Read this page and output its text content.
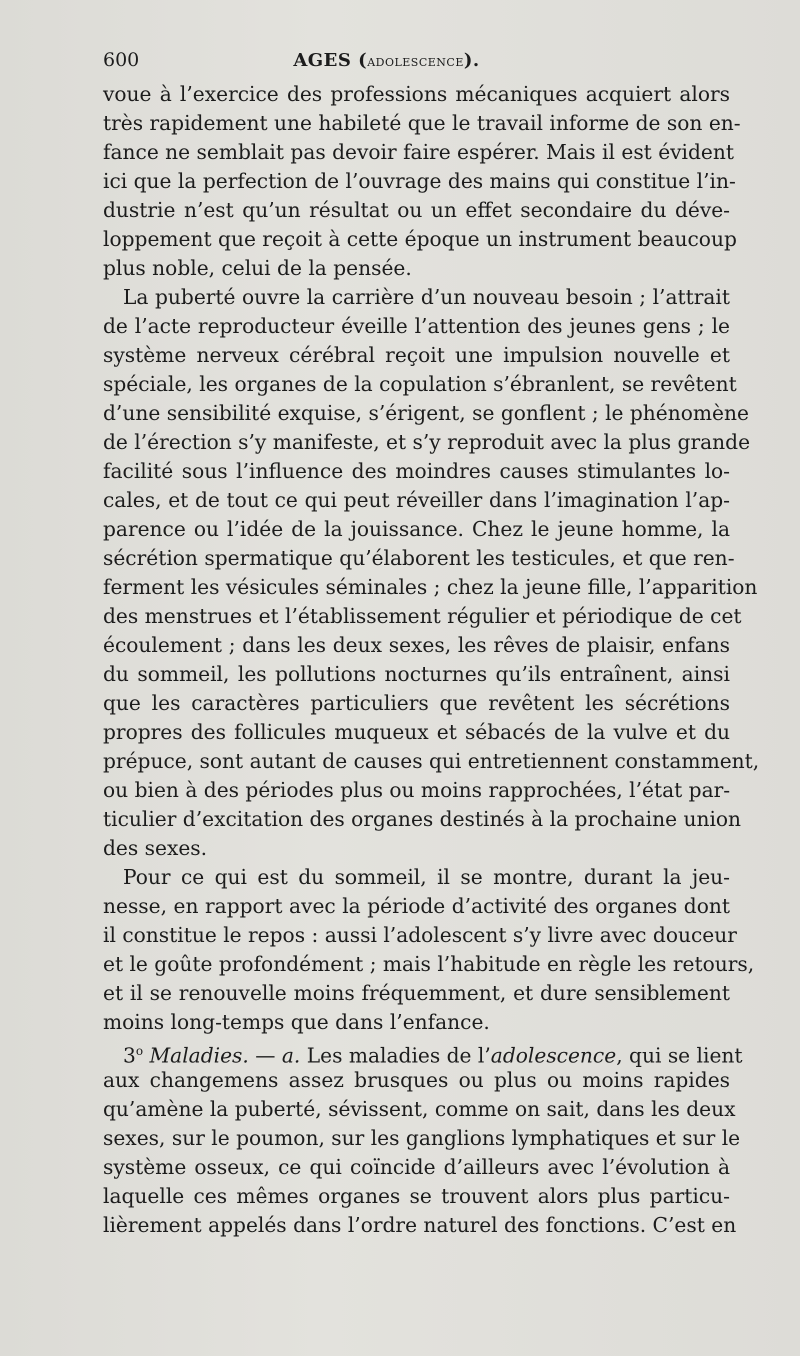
600	AGES (adolescence).
voue à l’exercice des professions mécaniques acquiert alors
très rapidement une habileté que le travail informe de son en-
fance ne semblait pas devoir faire espérer. Mais il est évident
ici que la perfection de l’ouvrage des mains qui constitue l’in-
dustrie n’est qu’un résultat ou un effet secondaire du déve-
loppement que reçoit à cette époque un instrument beaucoup
plus noble, celui de la pensée.
La puberté ouvre la carrière d’un nouveau besoin ; l’attrait
de l’acte reproducteur éveille l’attention des jeunes gens ; le
système nerveux cérébral reçoit une impulsion nouvelle et
spéciale, les organes de la copulation s’ébranlent, se revêtent
d’une sensibilité exquise, s’érigent, se gonflent ; le phénomène
de l’érection s’y manifeste, et s’y reproduit avec la plus grande
facilité sous l’influence des moindres causes stimulantes lo-
cales, et de tout ce qui peut réveiller dans l’imagination l’ap-
parence ou l’idée de la jouissance. Chez le jeune homme, la
sécrétion spermatique qu’élaborent les testicules, et que ren-
ferment les vésicules séminales ; chez la jeune fille, l’apparition
des menstrues et l’établissement régulier et périodique de cet
écoulement ; dans les deux sexes, les rêves de plaisir, enfans
du sommeil, les pollutions nocturnes qu’ils entraînent, ainsi
que les caractères particuliers que revêtent les sécrétions
propres des follicules muqueux et sébacés de la vulve et du
prépuce, sont autant de causes qui entretiennent constamment,
ou bien à des périodes plus ou moins rapprochées, l’état par-
ticulier d’excitation des organes destinés à la prochaine union
des sexes.
Pour ce qui est du sommeil, il se montre, durant la jeu-
nesse, en rapport avec la période d’activité des organes dont
il constitue le repos : aussi l’adolescent s’y livre avec douceur
et le goûte profondément ; mais l’habitude en règle les retours,
et il se renouvelle moins fréquemment, et dure sensiblement
moins long-temps que dans l’enfance.
3$^o$ Maladies. — a. Les maladies de l’adolescence, qui se lient
aux changemens assez brusques ou plus ou moins rapides
qu’amène la puberté, sévissent, comme on sait, dans les deux
sexes, sur le poumon, sur les ganglions lymphatiques et sur le
système osseux, ce qui coïncide d’ailleurs avec l’évolution à
laquelle ces mêmes organes se trouvent alors plus particu-
lièrement appelés dans l’ordre naturel des fonctions. C’est en
